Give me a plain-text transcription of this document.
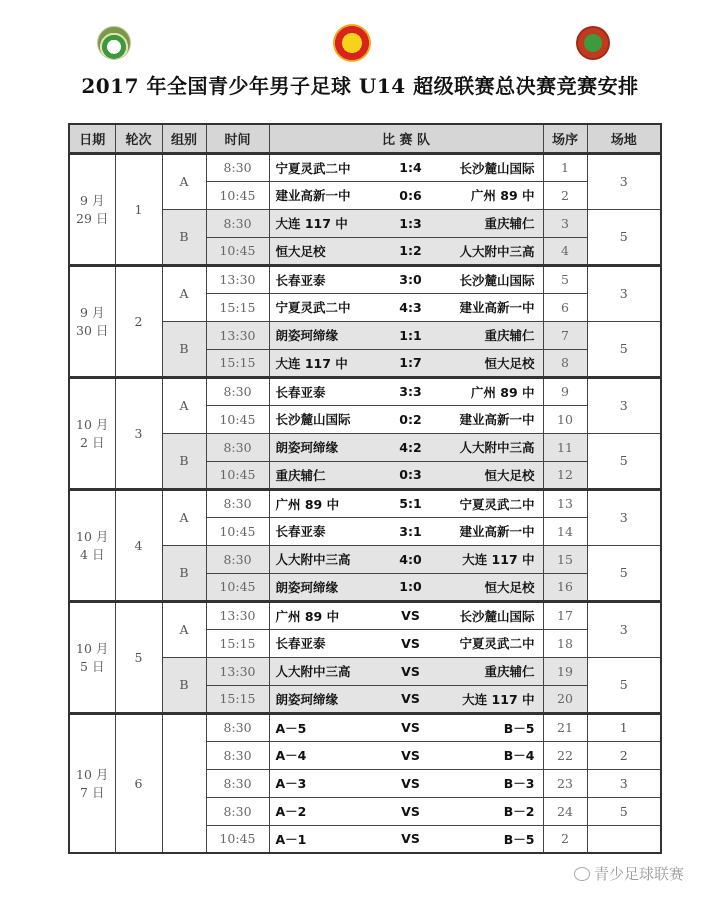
2017 年全国青少年男子足球 U14 超级联赛总决赛竞赛安排
日期	轮次	组别	时间	比 赛 队	场序	场地

9 月
29 日
	1	A	8:30	宁夏灵武二中	1:4	长沙麓山国际	1	3
			10:45	建业高新一中 0:6 广州 89 中	2	
		B	8:30	大连 117 中 1:3 重庆辅仁	3	5
			10:45	恒大足校 1:2 人大附中三高	4	

9 月
30 日
	2	A	13:30	长春亚泰	3:0	长沙麓山国际	5	3
			15:15	宁夏灵武二中 4:3 建业高新一中	6	
		B	13:30	朗姿珂缔缘 1:1 重庆辅仁	7	5
			15:15	大连 117 中 1:7 恒大足校	8	

10 月
2 日
	3	A	8:30	长春亚泰	3:3	广州 89 中	9	3
			10:45	长沙麓山国际 0:2 建业高新一中	10	
		B	8:30	朗姿珂缔缘 4:2 人大附中三高	11	5
			10:45	重庆辅仁 0:3 恒大足校	12	

10 月
4 日
	4	A	8:30	广州 89 中	5:1	宁夏灵武二中	13	3
			10:45	长春亚泰 3:1 建业高新一中	14	
		B	8:30	人大附中三高 4:0 大连 117 中	15	5
			10:45	朗姿珂缔缘 1:0 恒大足校	16	

10 月
5 日
	5	A	13:30	广州 89 中	VS	长沙麓山国际	17	3
			15:15	长春亚泰 VS 宁夏灵武二中	18	
		B	13:30	人大附中三高 VS 重庆辅仁	19	5
			15:15	朗姿珂缔缘 VS 大连 117 中	20	

10 月
7 日
	6		8:30	A－5	VS	B－5	21	1
			8:30	A－4 VS B－4	22	2
			8:30	A－3 VS B－3	23	3
			8:30	A－2 VS B－2	24	5
			10:45	A－1 VS B－5	2	
青少足球联赛
